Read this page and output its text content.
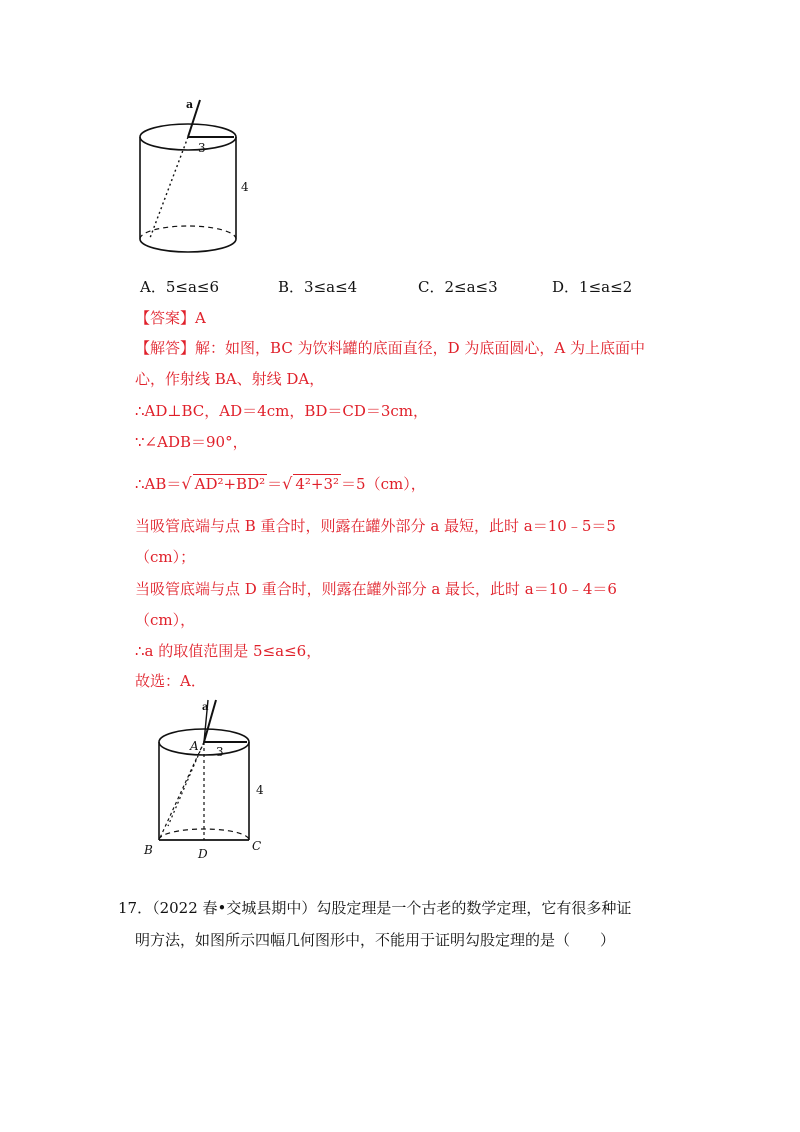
a
3
4
A．5≤a≤6	B．3≤a≤4	C．2≤a≤3	D．1≤a≤2
【答案】A
【解答】解：如图，BC 为饮料罐的底面直径，D 为底面圆心，A 为上底面中
心，作射线 BA、射线 DA，
∴AD⊥BC，AD＝4cm，BD＝CD＝3cm，
∵∠ADB＝90°，
∴AB＝√ AD²+BD² ＝√ 4²+3² ＝5（cm），
当吸管底端与点 B 重合时，则露在罐外部分 a 最短，此时 a＝10﹣5＝5
（cm）；
当吸管底端与点 D 重合时，则露在罐外部分 a 最长，此时 a＝10﹣4＝6
（cm），
∴a 的取值范围是 5≤a≤6，
故选：A．
a
A 3
4
B	D
C
17．（2022 春•交城县期中）勾股定理是一个古老的数学定理，它有很多种证
明方法，如图所示四幅几何图形中，不能用于证明勾股定理的是（　　）
